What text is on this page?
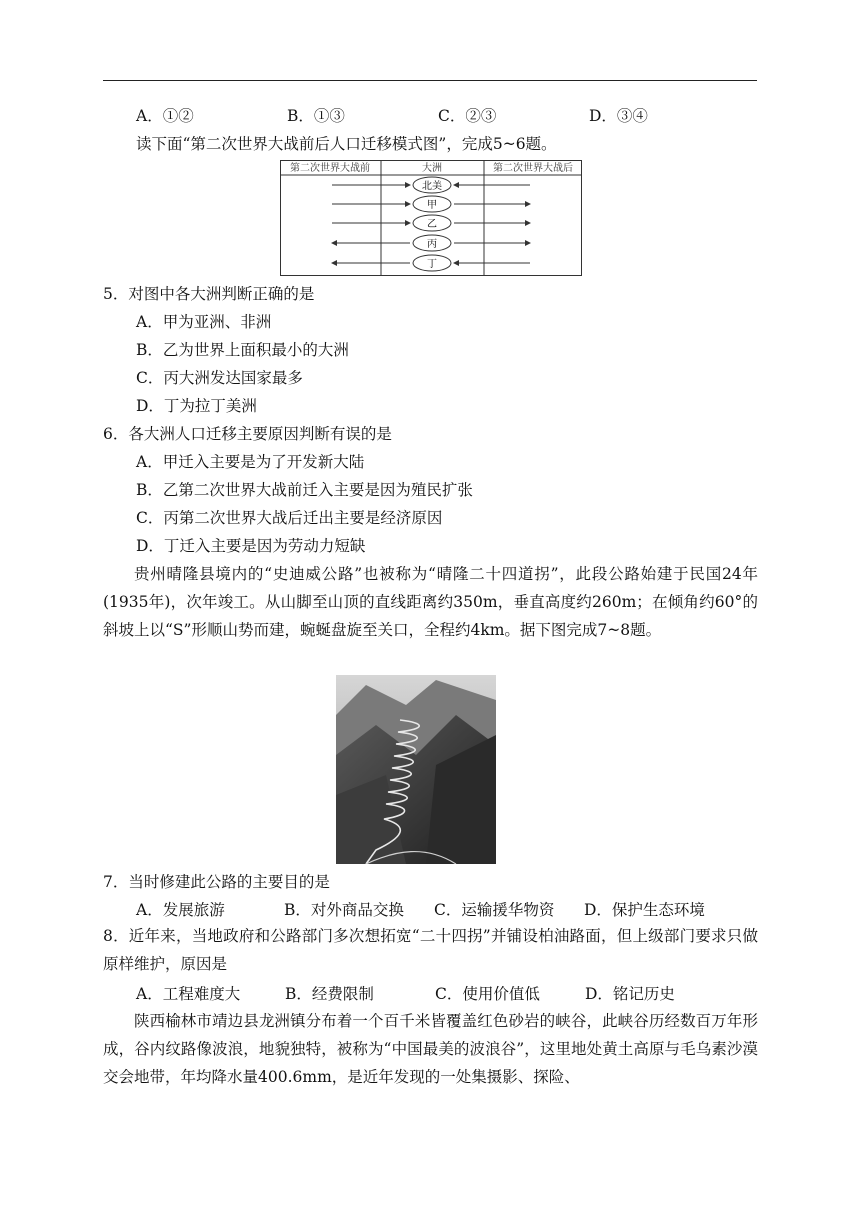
A．①②	B．①③	C．②③	D．③④
读下面“第二次世界大战前后人口迁移模式图”，完成5~6题。
第二次世界大战前	大洲	第二次世界大战后
北美
甲
乙
丙
丁
5．对图中各大洲判断正确的是
A．甲为亚洲、非洲
B．乙为世界上面积最小的大洲
C．丙大洲发达国家最多
D．丁为拉丁美洲
6．各大洲人口迁移主要原因判断有误的是
A．甲迁入主要是为了开发新大陆
B．乙第二次世界大战前迁入主要是因为殖民扩张
C．丙第二次世界大战后迁出主要是经济原因
D．丁迁入主要是因为劳动力短缺
贵州晴隆县境内的“史迪威公路”也被称为“晴隆二十四道拐”，此段公路始建于民国24年(1935年)，次年竣工。从山脚至山顶的直线距离约350m，垂直高度约260m；在倾角约60°的斜坡上以“S”形顺山势而建，蜿蜒盘旋至关口，全程约4km。据下图完成7~8题。
7．当时修建此公路的主要目的是
A．发展旅游	B．对外商品交换 C．运输援华物资 D．保护生态环境
8．近年来，当地政府和公路部门多次想拓宽“二十四拐”并铺设柏油路面，但上级部门要求只做原样维护，原因是
A．工程难度大	B．经费限制	C．使用价值低	D．铭记历史
陕西榆林市靖边县龙洲镇分布着一个百千米皆覆盖红色砂岩的峡谷，此峡谷历经数百万年形成，谷内纹路像波浪，地貌独特，被称为“中国最美的波浪谷”，这里地处黄土高原与毛乌素沙漠交会地带，年均降水量400.6mm，是近年发现的一处集摄影、探险、
